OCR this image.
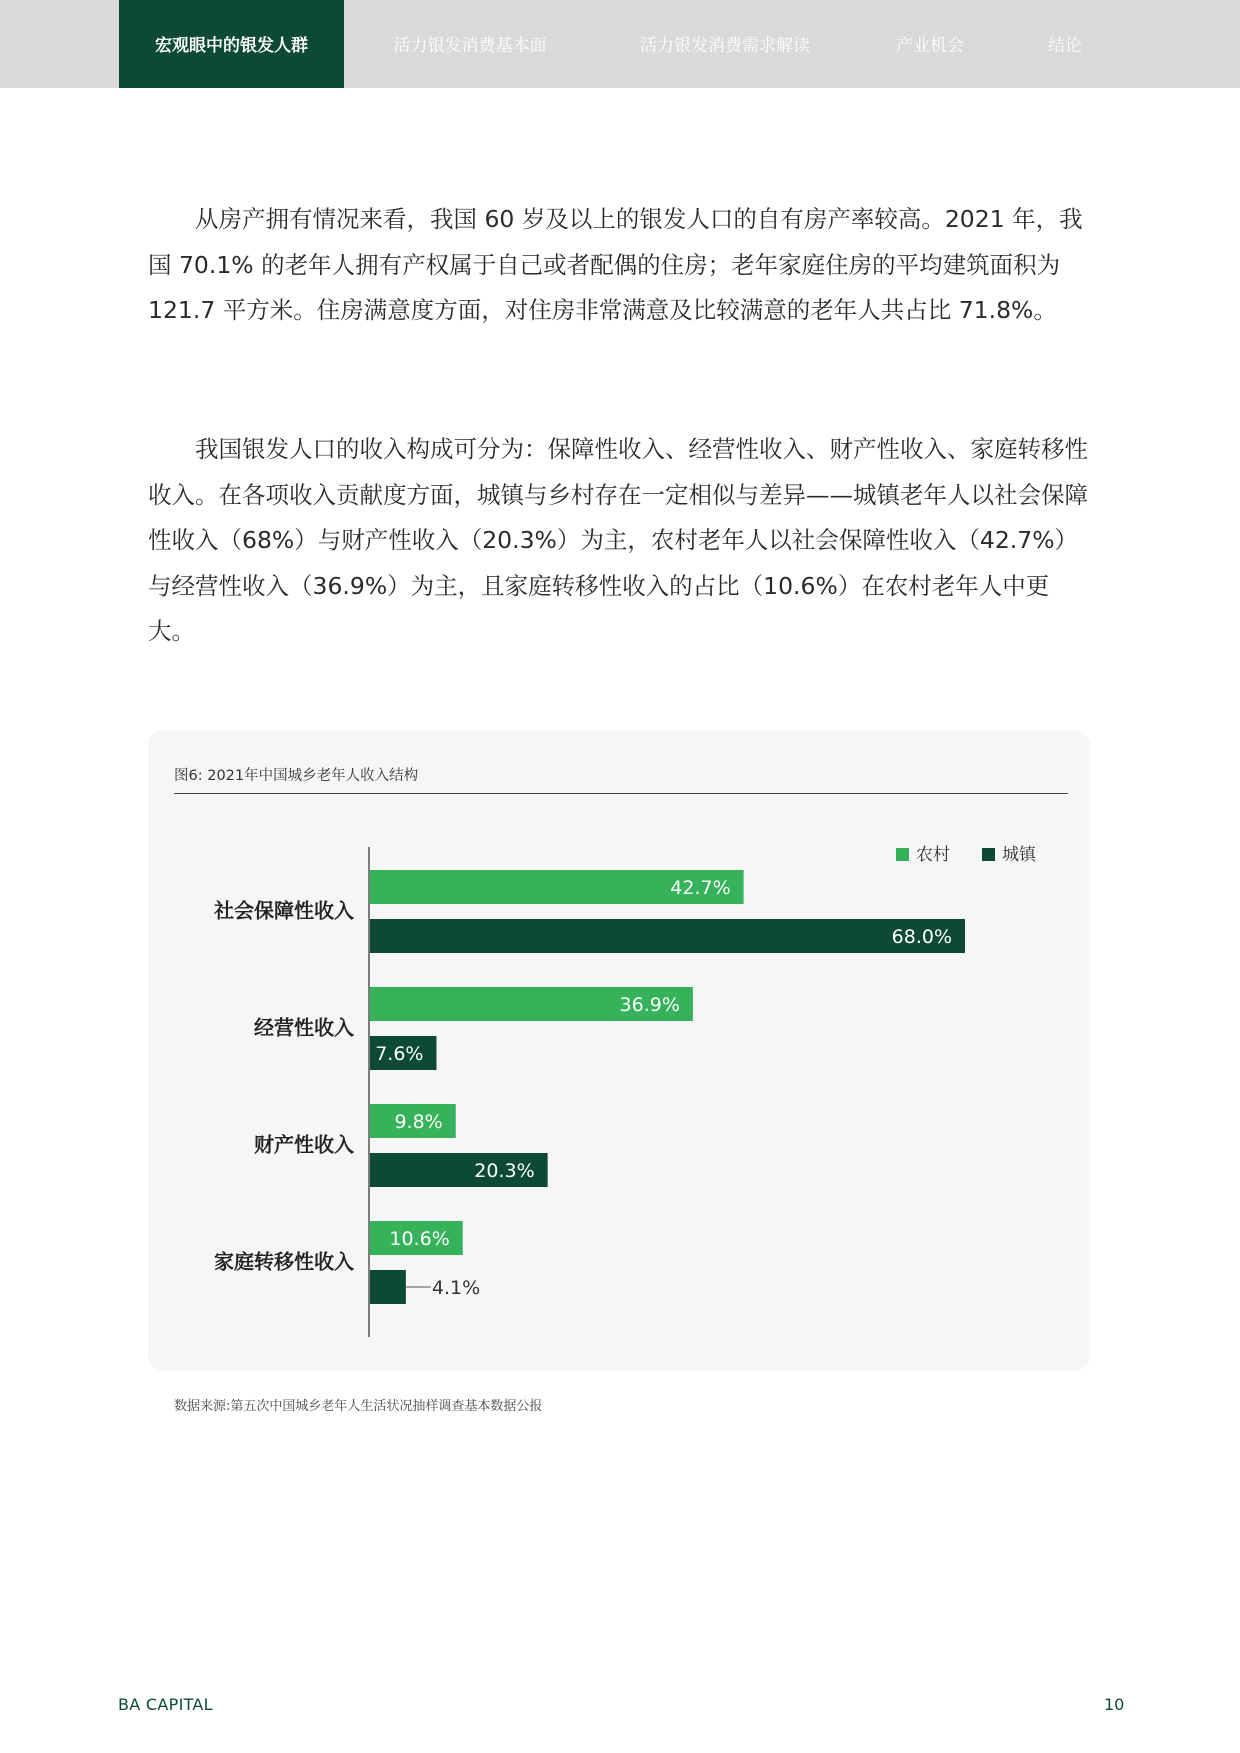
宏观眼中的银发人群	活力银发消费基本面	活力银发消费需求解读	产业机会	结论

从房产拥有情况来看，我国 60 岁及以上的银发人口的自有房产率较高。2021 年，我国 70.1% 的老年人拥有产权属于自己或者配偶的住房；老年家庭住房的平均建筑面积为 121.7 平方米。住房满意度方面，对住房非常满意及比较满意的老年人共占比 71.8%。

我国银发人口的收入构成可分为：保障性收入、经营性收入、财产性收入、家庭转移性收入。在各项收入贡献度方面，城镇与乡村存在一定相似与差异——城镇老年人以社会保障性收入（68%）与财产性收入（20.3%）为主，农村老年人以社会保障性收入（42.7%）与经营性收入（36.9%）为主，且家庭转移性收入的占比（10.6%）在农村老年人中更大。

图6: 2021年中国城乡老年人收入结构
农村	城镇
社会保障性收入
42.7%
68.0%
经营性收入
36.9%
7.6%
财产性收入
9.8%
20.3%
家庭转移性收入
10.6%
4.1%
数据来源:第五次中国城乡老年人生活状况抽样调查基本数据公报
BA CAPITAL	10
